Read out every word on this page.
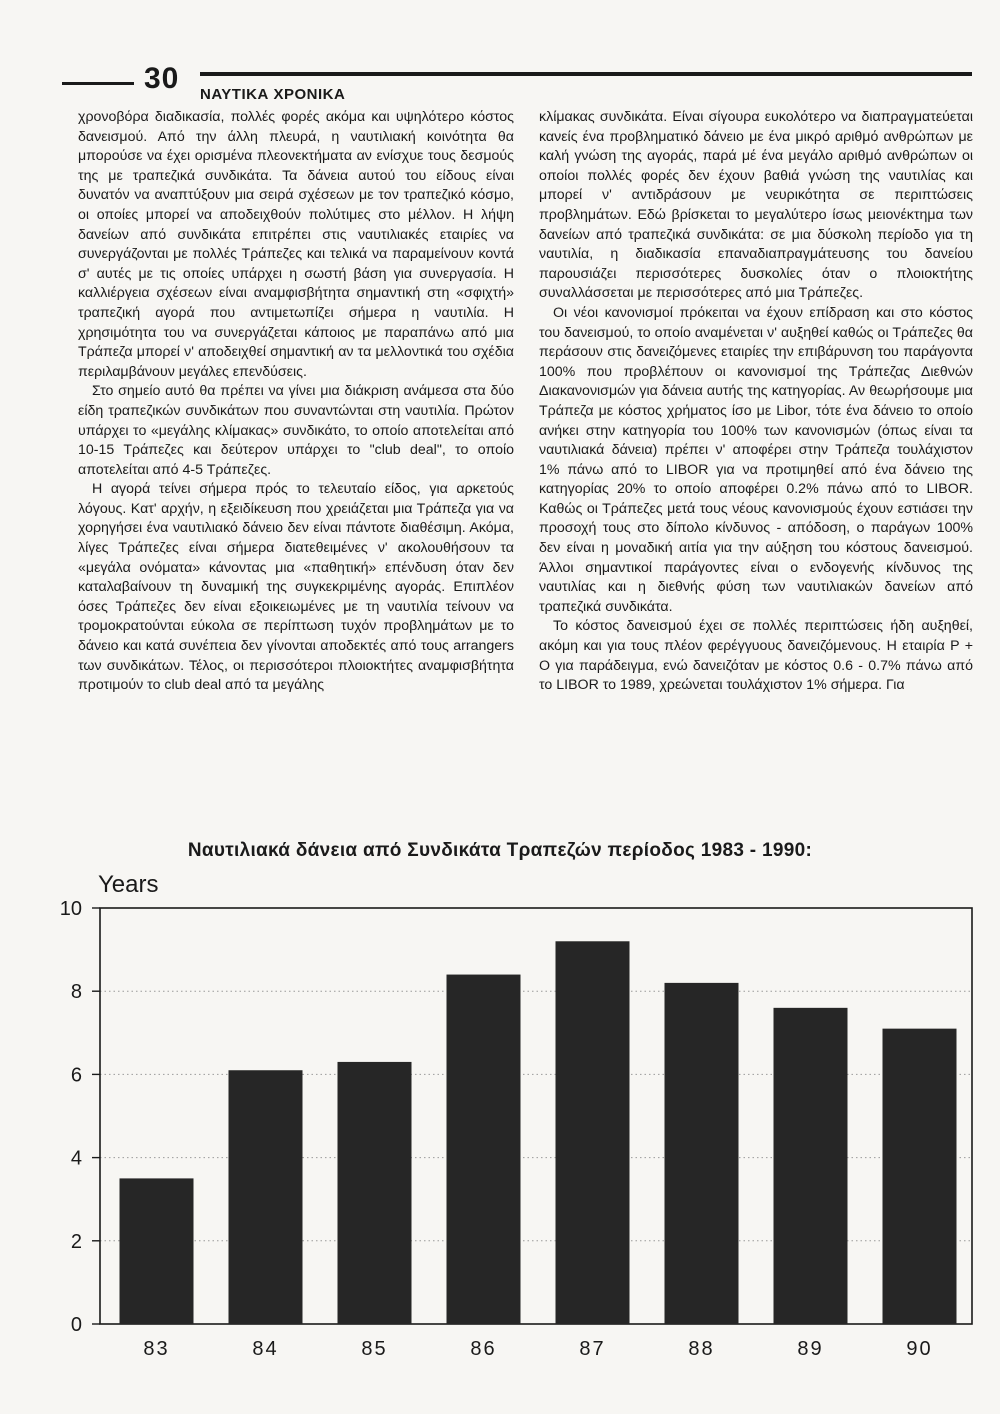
30 ΝΑΥΤΙΚΑ ΧΡΟΝΙΚΑ

χρονοβόρα διαδικασία, πολλές φορές ακόμα και υψηλότερο κόστος δανεισμού. Από την άλλη πλευρά, η ναυτιλιακή κοινότητα θα μπορούσε να έχει ορισμένα πλεονεκτήματα αν ενίσχυε τους δεσμούς της με τραπεζικά συνδικάτα. Τα δάνεια αυτού του είδους είναι δυνατόν να αναπτύξουν μια σειρά σχέσεων με τον τραπεζικό κόσμο, οι οποίες μπορεί να αποδειχθούν πολύτιμες στο μέλλον. Η λήψη δανείων από συνδικάτα επιτρέπει στις ναυτιλιακές εταιρίες να συνεργάζονται με πολλές Τράπεζες και τελικά να παραμείνουν κοντά σ' αυτές με τις οποίες υπάρχει η σωστή βάση για συνεργασία. Η καλλιέργεια σχέσεων είναι αναμφισβήτητα σημαντική στη «σφιχτή» τραπεζική αγορά που αντιμετωπίζει σήμερα η ναυτιλία. Η χρησιμότητα του να συνεργάζεται κάποιος με παραπάνω από μια Τράπεζα μπορεί ν' αποδειχθεί σημαντική αν τα μελλοντικά του σχέδια περιλαμβάνουν μεγάλες επενδύσεις.

Στο σημείο αυτό θα πρέπει να γίνει μια διάκριση ανάμεσα στα δύο είδη τραπεζικών συνδικάτων που συναντώνται στη ναυτιλία. Πρώτον υπάρχει το «μεγάλης κλίμακας» συνδικάτο, το οποίο αποτελείται από 10-15 Τράπεζες και δεύτερον υπάρχει το "club deal", το οποίο αποτελείται από 4-5 Τράπεζες.

Η αγορά τείνει σήμερα πρός το τελευταίο είδος, για αρκετούς λόγους. Κατ' αρχήν, η εξειδίκευση που χρειάζεται μια Τράπεζα για να χορηγήσει ένα ναυτιλιακό δάνειο δεν είναι πάντοτε διαθέσιμη. Ακόμα, λίγες Τράπεζες είναι σήμερα διατεθειμένες ν' ακολουθήσουν τα «μεγάλα ονόματα» κάνοντας μια «παθητική» επένδυση όταν δεν καταλαβαίνουν τη δυναμική της συγκεκριμένης αγοράς. Επιπλέον όσες Τράπεζες δεν είναι εξοικειωμένες με τη ναυτιλία τείνουν να τρομοκρατούνται εύκολα σε περίπτωση τυχόν προβλημάτων με το δάνειο και κατά συνέπεια δεν γίνονται αποδεκτές από τους arrangers των συνδικάτων. Τέλος, οι περισσότεροι πλοιοκτήτες αναμφισβήτητα προτιμούν το club deal από τα μεγάλης

κλίμακας συνδικάτα. Είναι σίγουρα ευκολότερο να διαπραγματεύεται κανείς ένα προβληματικό δάνειο με ένα μικρό αριθμό ανθρώπων με καλή γνώση της αγοράς, παρά μέ ένα μεγάλο αριθμό ανθρώπων οι οποίοι πολλές φορές δεν έχουν βαθιά γνώση της ναυτιλίας και μπορεί ν' αντιδράσουν με νευρικότητα σε περιπτώσεις προβλημάτων. Εδώ βρίσκεται το μεγαλύτερο ίσως μειονέκτημα των δανείων από τραπεζικά συνδικάτα: σε μια δύσκολη περίοδο για τη ναυτιλία, η διαδικασία επαναδιαπραγμάτευσης του δανείου παρουσιάζει περισσότερες δυσκολίες όταν ο πλοιοκτήτης συναλλάσσεται με περισσότερες από μια Τράπεζες.

Οι νέοι κανονισμοί πρόκειται να έχουν επίδραση και στο κόστος του δανεισμού, το οποίο αναμένεται ν' αυξηθεί καθώς οι Τράπεζες θα περάσουν στις δανειζόμενες εταιρίες την επιβάρυνση του παράγοντα 100% που προβλέπουν οι κανονισμοί της Τράπεζας Διεθνών Διακανονισμών για δάνεια αυτής της κατηγορίας. Αν θεωρήσουμε μια Τράπεζα με κόστος χρήματος ίσο με Libor, τότε ένα δάνειο το οποίο ανήκει στην κατηγορία του 100% των κανονισμών (όπως είναι τα ναυτιλιακά δάνεια) πρέπει ν' αποφέρει στην Τράπεζα τουλάχιστον 1% πάνω από το LIBOR για να προτιμηθεί από ένα δάνειο της κατηγορίας 20% το οποίο αποφέρει 0.2% πάνω από το LIBOR. Καθώς οι Τράπεζες μετά τους νέους κανονισμούς έχουν εστιάσει την προσοχή τους στο δίπολο κίνδυνος - απόδοση, ο παράγων 100% δεν είναι η μοναδική αιτία για την αύξηση του κόστους δανεισμού. Άλλοι σημαντικοί παράγοντες είναι ο ενδογενής κίνδυνος της ναυτιλίας και η διεθνής φύση των ναυτιλιακών δανείων από τραπεζικά συνδικάτα.

Το κόστος δανεισμού έχει σε πολλές περιπτώσεις ήδη αυξηθεί, ακόμη και για τους πλέον φερέγγυους δανειζόμενους. Η εταιρία P + O για παράδειγμα, ενώ δανειζόταν με κόστος 0.6 - 0.7% πάνω από το LIBOR το 1989, χρεώνεται τουλάχιστον 1% σήμερα. Για

Ναυτιλιακά δάνεια από Συνδικάτα Τραπεζών περίοδος 1983 - 1990:
0
2
4
6
8
10
Years
83	84	85	86	87	88	89	90
